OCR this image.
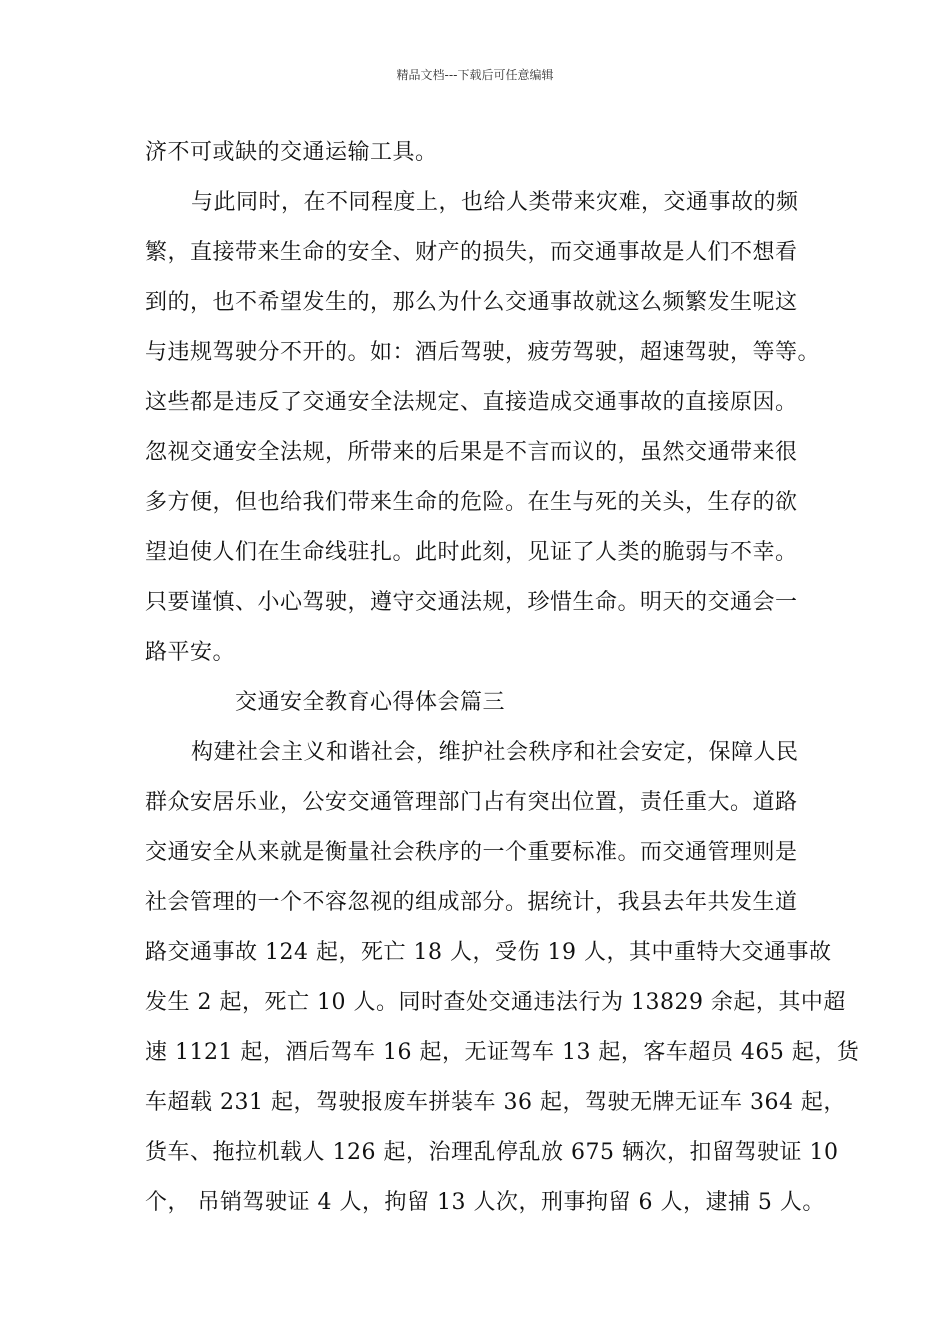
精品文档---下载后可任意编辑
济不可或缺的交通运输工具。
与此同时，在不同程度上，也给人类带来灾难，交通事故的频
繁，直接带来生命的安全、财产的损失，而交通事故是人们不想看
到的，也不希望发生的，那么为什么交通事故就这么频繁发生呢这
与违规驾驶分不开的。如：酒后驾驶，疲劳驾驶，超速驾驶，等等。
这些都是违反了交通安全法规定、直接造成交通事故的直接原因。
忽视交通安全法规，所带来的后果是不言而议的，虽然交通带来很
多方便，但也给我们带来生命的危险。在生与死的关头，生存的欲
望迫使人们在生命线驻扎。此时此刻，见证了人类的脆弱与不幸。
只要谨慎、小心驾驶，遵守交通法规，珍惜生命。明天的交通会一
路平安。
交通安全教育心得体会篇三
构建社会主义和谐社会，维护社会秩序和社会安定，保障人民
群众安居乐业，公安交通管理部门占有突出位置，责任重大。道路
交通安全从来就是衡量社会秩序的一个重要标准。而交通管理则是
社会管理的一个不容忽视的组成部分。据统计，我县去年共发生道
路交通事故 124 起，死亡 18 人，受伤 19 人，其中重特大交通事故
发生 2 起，死亡 10 人。同时查处交通违法行为 13829 余起，其中超
速 1121 起，酒后驾车 16 起，无证驾车 13 起，客车超员 465 起，货
车超载 231 起，驾驶报废车拼装车 36 起，驾驶无牌无证车 364 起，
货车、拖拉机载人 126 起，治理乱停乱放 675 辆次，扣留驾驶证 10
个， 吊销驾驶证 4 人，拘留 13 人次，刑事拘留 6 人，逮捕 5 人。
